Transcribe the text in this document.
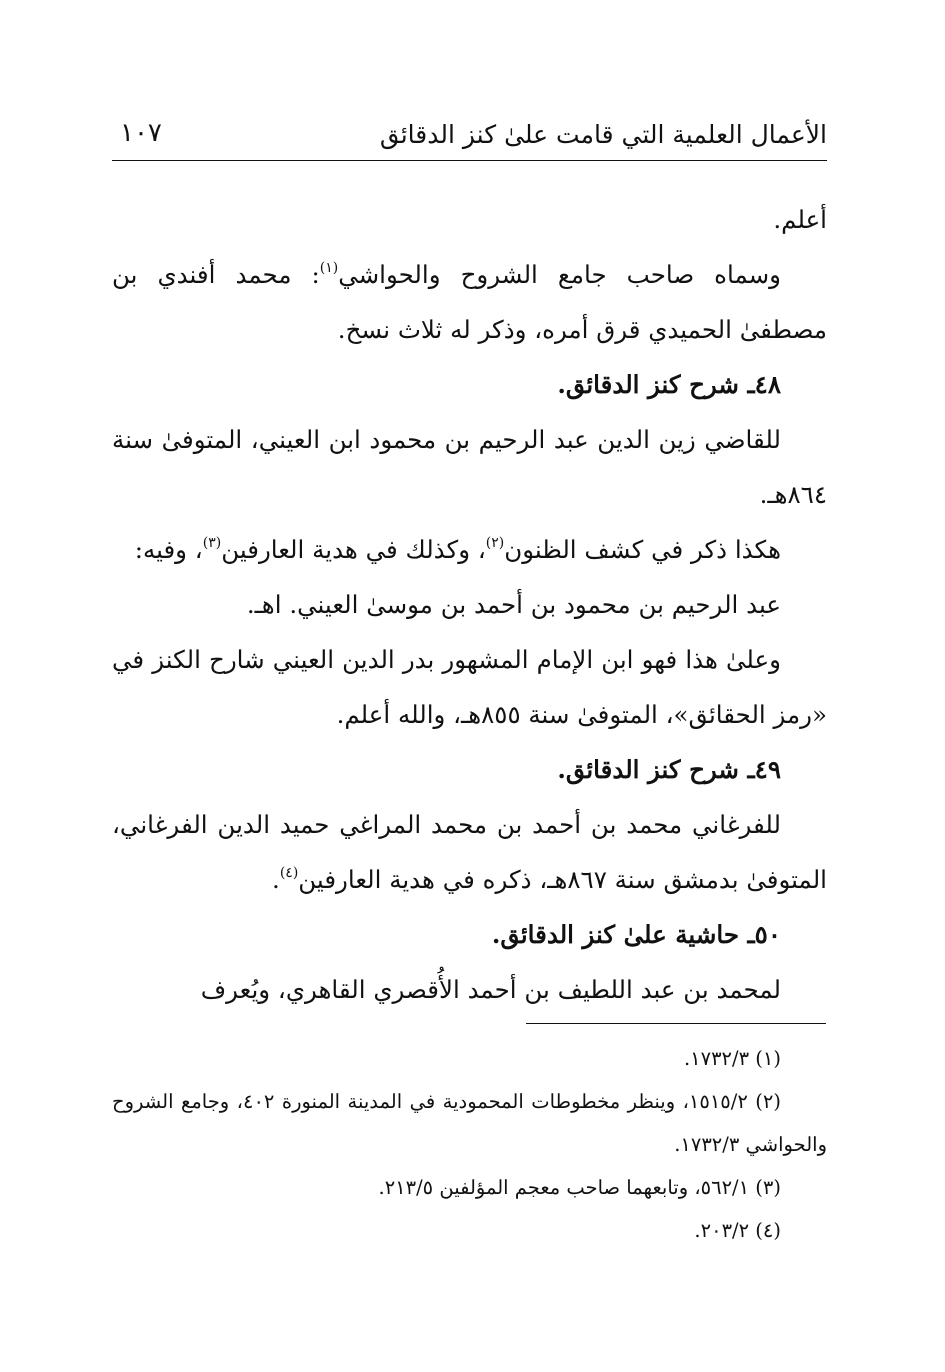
الأعمال العلمية التي قامت علىٰ كنز الدقائق
١٠٧

أعلم.

وسماه صاحب جامع الشروح والحواشي$^{(١)}$: محمد أفندي بن مصطفىٰ الحميدي قرق أمره، وذكر له ثلاث نسخ.

٤٨ـ شرح كنز الدقائق.

للقاضي زين الدين عبد الرحيم بن محمود ابن العيني، المتوفىٰ سنة ٨٦٤هـ.

هكذا ذكر في كشف الظنون$^{(٢)}$، وكذلك في هدية العارفين$^{(٣)}$، وفيه:

عبد الرحيم بن محمود بن أحمد بن موسىٰ العيني. اهـ.

وعلىٰ هذا فهو ابن الإمام المشهور بدر الدين العيني شارح الكنز في «رمز الحقائق»، المتوفىٰ سنة ٨٥٥هـ، والله أعلم.

٤٩ـ شرح كنز الدقائق.

للفرغاني محمد بن أحمد بن محمد المراغي حميد الدين الفرغاني، المتوفىٰ بدمشق سنة ٨٦٧هـ، ذكره في هدية العارفين$^{(٤)}$.

٥٠ـ حاشية علىٰ كنز الدقائق.

لمحمد بن عبد اللطيف بن أحمد الأُقصري القاهري، ويُعرف

(١) ١٧٣٢/٣.

(٢) ١٥١٥/٢، وينظر مخطوطات المحمودية في المدينة المنورة ٤٠٢، وجامع الشروح والحواشي ١٧٣٢/٣.

(٣) ٥٦٢/١، وتابعهما صاحب معجم المؤلفين ٢١٣/٥.

(٤) ٢٠٣/٢.
